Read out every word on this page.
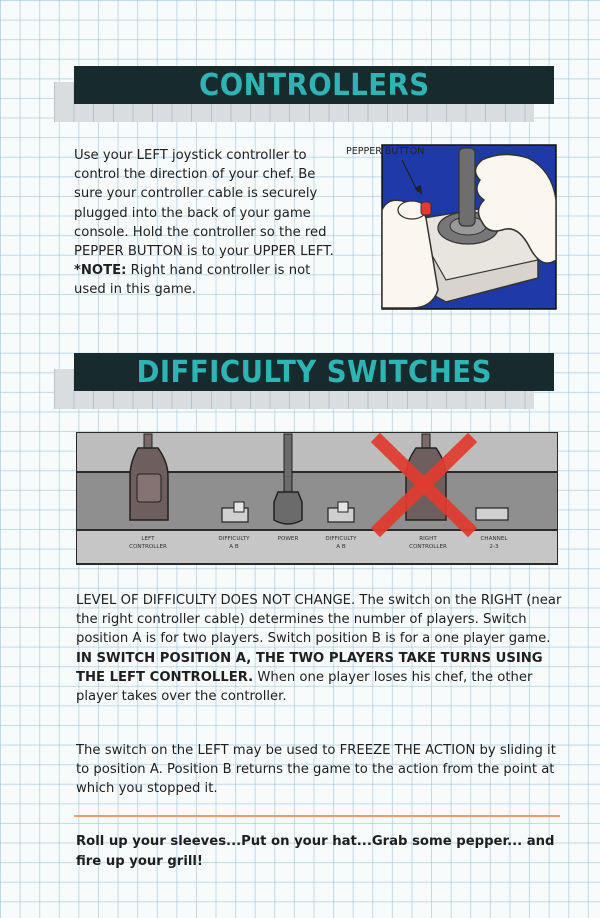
CONTROLLERS

Use your LEFT joystick controller to control the direction of your chef. Be sure your controller cable is securely plugged into the back of your game console. Hold the controller so the red PEPPER BUTTON is to your UPPER LEFT. *NOTE: Right hand controller is not used in this game.

PEPPER BUTTON
DIFFICULTY SWITCHES
LEFT
CONTROLLER
DIFFICULTY
A B
POWER	DIFFICULTY
A B
RIGHT
CONTROLLER
CHANNEL
2-3

LEVEL OF DIFFICULTY DOES NOT CHANGE. The switch on the RIGHT (near the right controller cable) determines the number of players. Switch position A is for two players. Switch position B is for a one player game. IN SWITCH POSITION A, THE TWO PLAYERS TAKE TURNS USING THE LEFT CONTROLLER. When one player loses his chef, the other player takes over the controller.

The switch on the LEFT may be used to FREEZE THE ACTION by sliding it to position A. Position B returns the game to the action from the point at which you stopped it.

Roll up your sleeves...Put on your hat...Grab some pepper... and fire up your grill!
